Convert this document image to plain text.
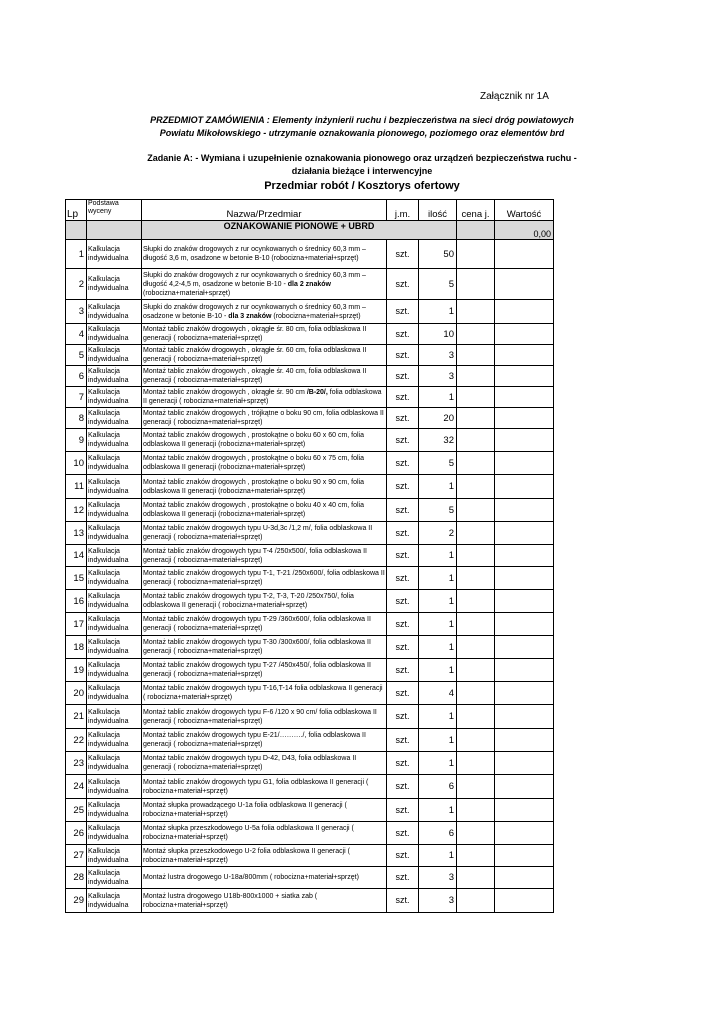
Załącznik nr 1A
PRZEDMIOT ZAMÓWIENIA : Elementy inżynierii ruchu i bezpieczeństwa na sieci dróg powiatowych
Powiatu Mikołowskiego - utrzymanie oznakowania pionowego, poziomego oraz elementów brd
Zadanie A: - Wymiana i uzupełnienie oznakowania pionowego oraz urządzeń bezpieczeństwa ruchu -
działania bieżące i interwencyjne
Przedmiar robót / Kosztorys ofertowy
Lp	Podstawa wyceny	Nazwa/Przedmiar	j.m.	ilość	cena j.	Wartość
		OZNAKOWANIE PIONOWE + UBRD				0,00
1	Kalkulacja indywidualna	Słupki do znaków drogowych z rur ocynkowanych o średnicy 60,3 mm – długość 3,6 m, osadzone w betonie B-10 (robocizna+materiał+sprzęt)	szt.	50		
2	Kalkulacja indywidualna	Słupki do znaków drogowych z rur ocynkowanych o średnicy 60,3 mm – długość 4,2-4,5 m, osadzone w betonie B-10 - dla 2 znaków (robocizna+materiał+sprzęt)	szt.	5		
3	Kalkulacja indywidualna	Słupki do znaków drogowych z rur ocynkowanych o średnicy 60,3 mm – osadzone w betonie B-10 - dla 3 znaków (robocizna+materiał+sprzęt)	szt.	1		
4	Kalkulacja indywidualna	Montaż tablic znaków drogowych , okrągłe śr. 80 cm, folia odblaskowa II generacji ( robocizna+materiał+sprzęt)	szt.	10		
5	Kalkulacja indywidualna	Montaż tablic znaków drogowych , okrągłe śr. 60 cm, folia odblaskowa II generacji ( robocizna+materiał+sprzęt)	szt.	3		
6	Kalkulacja indywidualna	Montaż tablic znaków drogowych , okrągłe śr. 40 cm, folia odblaskowa II generacji ( robocizna+materiał+sprzęt)	szt.	3		
7	Kalkulacja indywidualna	Montaż tablic znaków drogowych , okrągłe śr. 90 cm /B-20/, folia odblaskowa II generacji ( robocizna+materiał+sprzęt)	szt.	1		
8	Kalkulacja indywidualna	Montaż tablic znaków drogowych , trójkątne o boku 90 cm, folia odblaskowa II generacji ( robocizna+materiał+sprzęt)	szt.	20		
9	Kalkulacja indywidualna	Montaż tablic znaków drogowych , prostokątne o boku 60 x 60 cm, folia odblaskowa II generacji (robocizna+materiał+sprzęt)	szt.	32		
10	Kalkulacja indywidualna	Montaż tablic znaków drogowych , prostokątne o boku 60 x 75 cm, folia odblaskowa II generacji (robocizna+materiał+sprzęt)	szt.	5		
11	Kalkulacja indywidualna	Montaż tablic znaków drogowych , prostokątne o boku 90 x 90 cm, folia odblaskowa II generacji (robocizna+materiał+sprzęt)	szt.	1		
12	Kalkulacja indywidualna	Montaż tablic znaków drogowych , prostokątne o boku 40 x 40 cm, folia odblaskowa II generacji (robocizna+materiał+sprzęt)	szt.	5		
13	Kalkulacja indywidualna	Montaż tablic znaków drogowych typu U-3d,3c /1,2 m/, folia odblaskowa II generacji ( robocizna+materiał+sprzęt)	szt.	2		
14	Kalkulacja indywidualna	Montaż tablic znaków drogowych typu T-4 /250x500/, folia odblaskowa II generacji ( robocizna+materiał+sprzęt)	szt.	1		
15	Kalkulacja indywidualna	Montaż tablic znaków drogowych typu T-1, T-21 /250x600/, folia odblaskowa II generacji ( robocizna+materiał+sprzęt)	szt.	1		
16	Kalkulacja indywidualna	Montaż tablic znaków drogowych typu T-2, T-3, T-20 /250x750/, folia odblaskowa II generacji ( robocizna+materiał+sprzęt)	szt.	1		
17	Kalkulacja indywidualna	Montaż tablic znaków drogowych typu T-29 /360x600/, folia odblaskowa II generacji ( robocizna+materiał+sprzęt)	szt.	1		
18	Kalkulacja indywidualna	Montaż tablic znaków drogowych typu T-30 /300x600/, folia odblaskowa II generacji ( robocizna+materiał+sprzęt)	szt.	1		
19	Kalkulacja indywidualna	Montaż tablic znaków drogowych typu T-27 /450x450/, folia odblaskowa II generacji ( robocizna+materiał+sprzęt)	szt.	1		
20	Kalkulacja indywidualna	Montaż tablic znaków drogowych typu T-16,T-14 folia odblaskowa II generacji ( robocizna+materiał+sprzęt)	szt.	4		
21	Kalkulacja indywidualna	Montaż tablic znaków drogowych typu F-6 /120 x 90 cm/ folia odblaskowa II generacji ( robocizna+materiał+sprzęt)	szt.	1		
22	Kalkulacja indywidualna	Montaż tablic znaków drogowych typu E-21/………./, folia odblaskowa II generacji ( robocizna+materiał+sprzęt)	szt.	1		
23	Kalkulacja indywidualna	Montaż tablic znaków drogowych typu D-42, D43, folia odblaskowa II generacji ( robocizna+materiał+sprzęt)	szt.	1		
24	Kalkulacja indywidualna	Montaż tablic znaków drogowych typu G1, folia odblaskowa II generacji ( robocizna+materiał+sprzęt)	szt.	6		
25	Kalkulacja indywidualna	Montaż słupka prowadzącego U-1a folia odblaskowa II generacji ( robocizna+materiał+sprzęt)	szt.	1		
26	Kalkulacja indywidualna	Montaż słupka przeszkodowego U-5a folia odblaskowa II generacji ( robocizna+materiał+sprzęt)	szt.	6		
27	Kalkulacja indywidualna	Montaż słupka przeszkodowego U-2 folia odblaskowa II generacji ( robocizna+materiał+sprzęt)	szt.	1		
28	Kalkulacja indywidualna	Montaż lustra drogowego U-18a/800mm ( robocizna+materiał+sprzęt)	szt.	3		
29	Kalkulacja indywidualna	Montaż lustra drogowego U18b-800x1000 + siatka zab ( robocizna+materiał+sprzęt)	szt.	3		
